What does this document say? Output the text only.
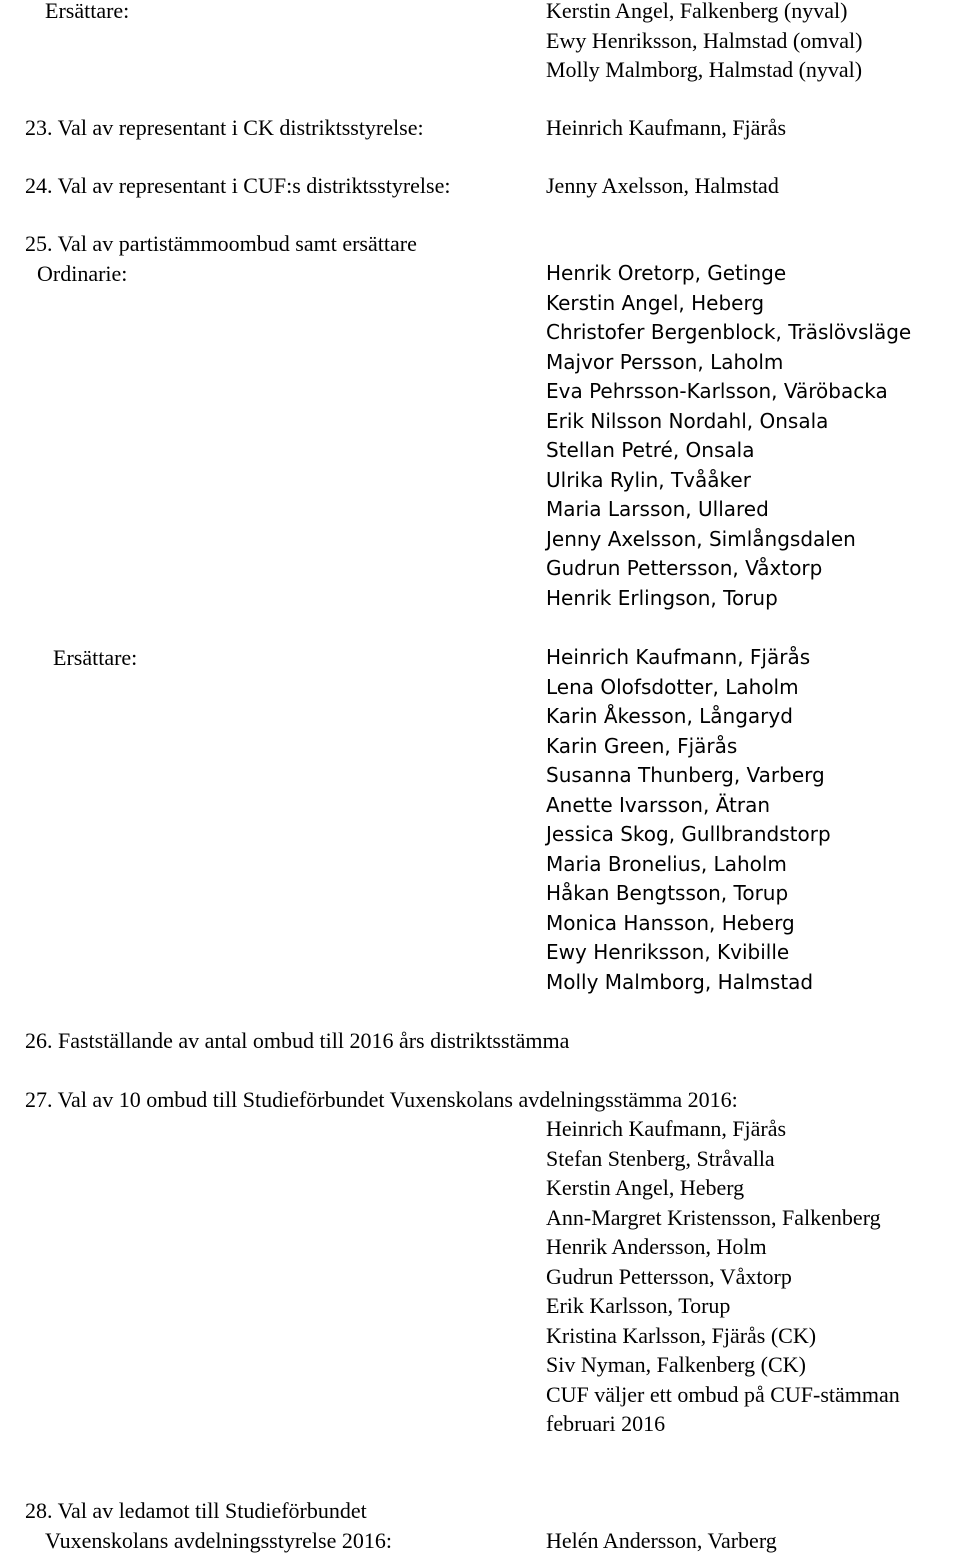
Ersättare:	Kerstin Angel, Falkenberg (nyval)
Ewy Henriksson, Halmstad (omval)
Molly Malmborg, Halmstad (nyval)
23. Val av representant i CK distriktsstyrelse:	Heinrich Kaufmann, Fjärås
24. Val av representant i CUF:s distriktsstyrelse:	Jenny Axelsson, Halmstad
25. Val av partistämmoombud samt ersättare
Ordinarie:	Henrik Oretorp, Getinge
Kerstin Angel, Heberg
Christofer Bergenblock, Träslövsläge
Majvor Persson, Laholm
Eva Pehrsson-Karlsson, Väröbacka
Erik Nilsson Nordahl, Onsala
Stellan Petré, Onsala
Ulrika Rylin, Tvååker
Maria Larsson, Ullared
Jenny Axelsson, Simlångsdalen
Gudrun Pettersson, Våxtorp
Henrik Erlingson, Torup
Ersättare:	Heinrich Kaufmann, Fjärås
Lena Olofsdotter, Laholm
Karin Åkesson, Långaryd
Karin Green, Fjärås
Susanna Thunberg, Varberg
Anette Ivarsson, Ätran
Jessica Skog, Gullbrandstorp
Maria Bronelius, Laholm
Håkan Bengtsson, Torup
Monica Hansson, Heberg
Ewy Henriksson, Kvibille
Molly Malmborg, Halmstad
26. Fastställande av antal ombud till 2016 års distriktsstämma
27. Val av 10 ombud till Studieförbundet Vuxenskolans avdelningsstämma 2016:
Heinrich Kaufmann, Fjärås
Stefan Stenberg, Stråvalla
Kerstin Angel, Heberg
Ann-Margret Kristensson, Falkenberg
Henrik Andersson, Holm
Gudrun Pettersson, Våxtorp
Erik Karlsson, Torup
Kristina Karlsson, Fjärås (CK)
Siv Nyman, Falkenberg (CK)
CUF väljer ett ombud på CUF-stämman
februari 2016
28. Val av ledamot till Studieförbundet
Vuxenskolans avdelningsstyrelse 2016:	Helén Andersson, Varberg
